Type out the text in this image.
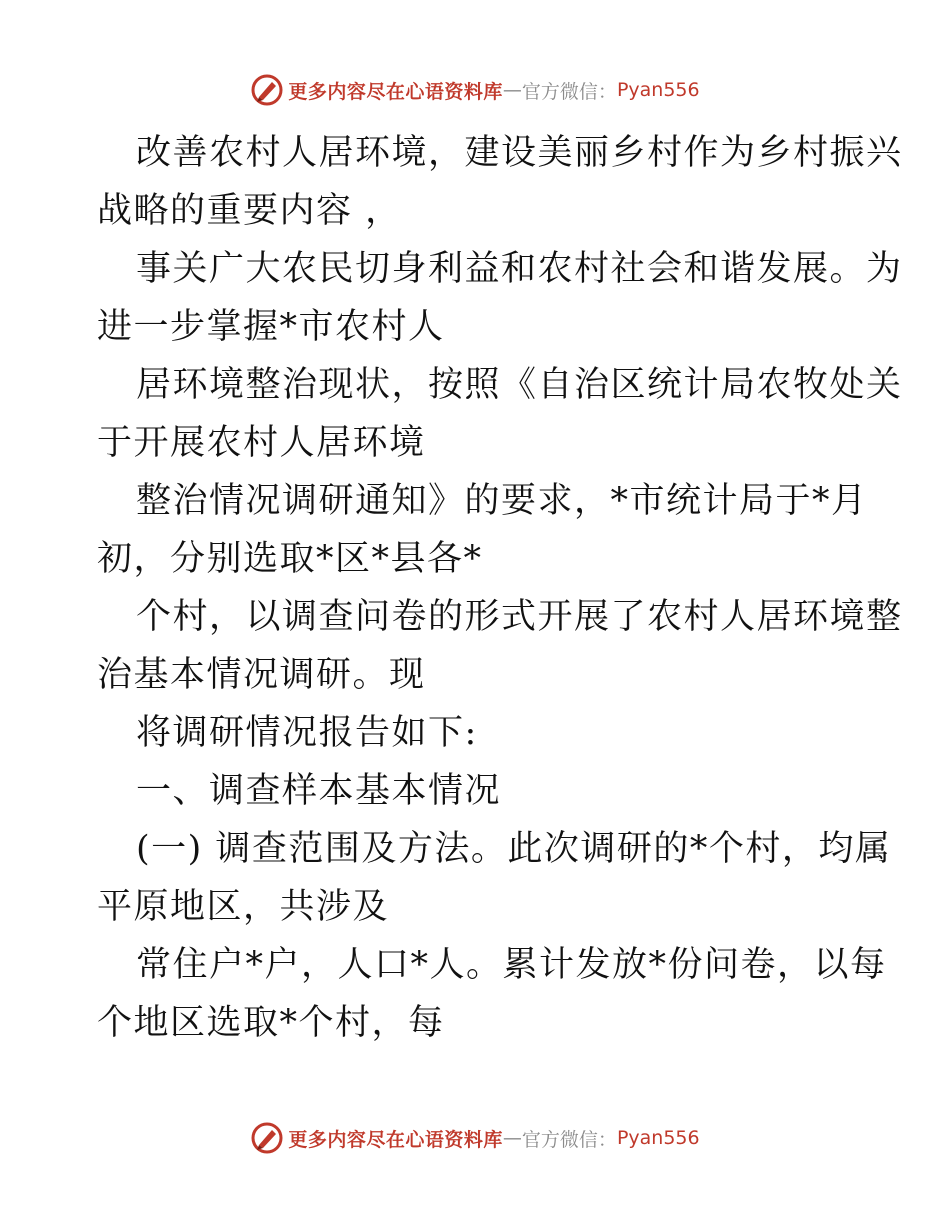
更多内容尽在心语资料库 — 官方微信： Pyan556
改善农村人居环境，建设美丽乡村作为乡村振兴
战略的重要内容 ，
事关广大农民切身利益和农村社会和谐发展。为
进一步掌握*市农村人
居环境整治现状，按照《自治区统计局农牧处关
于开展农村人居环境
整治情况调研通知》的要求，*市统计局于*月
初，分别选取*区*县各*
个村，以调查问卷的形式开展了农村人居环境整
治基本情况调研。现
将调研情况报告如下:
一、调查样本基本情况
(一) 调查范围及方法。此次调研的*个村，均属
平原地区，共涉及
常住户*户，人口*人。累计发放*份问卷，以每
个地区选取*个村，每
更多内容尽在心语资料库 — 官方微信： Pyan556
